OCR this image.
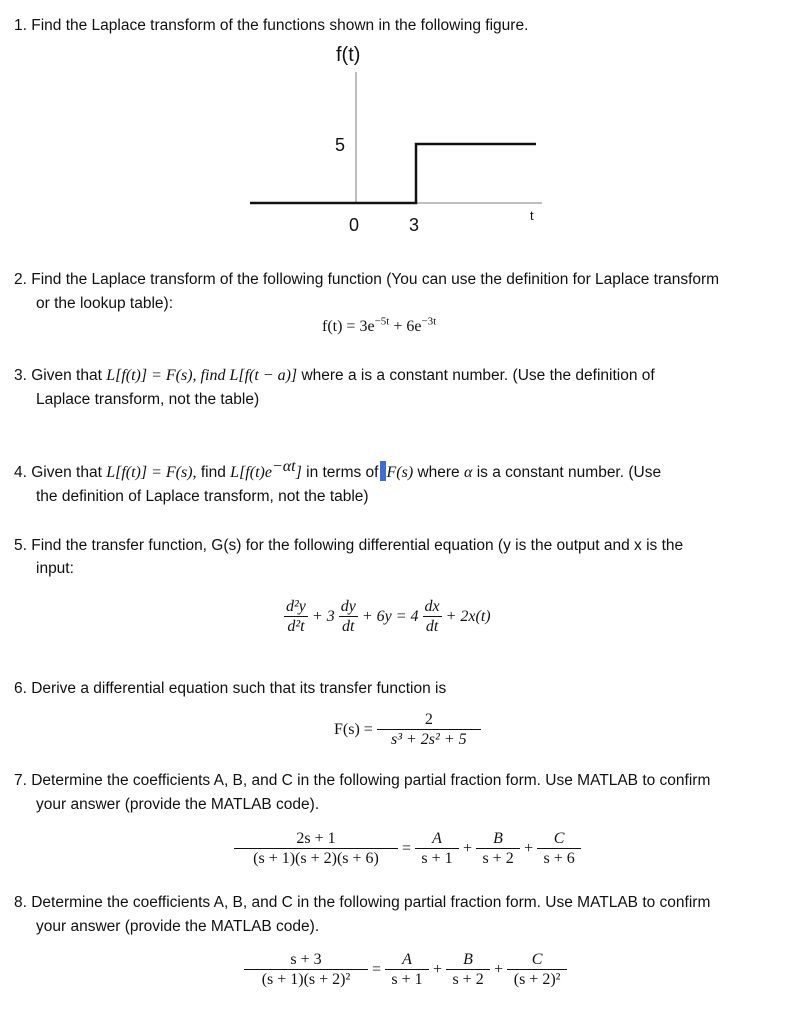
1. Find the Laplace transform of the functions shown in the following figure.
f(t)
5
0	3	t
2. Find the Laplace transform of the following function (You can use the definition for Laplace transform
or the lookup table):
$f(t) = 3e^{-5t} + 6e^{-3t}$
3. Given that L[f(t)] = F(s), find L[f(t − a)] where a is a constant number. (Use the definition of
Laplace transform, not the table)
4. Given that L[f(t)] = F(s), find $L[f(t)e^{-\alpha t}]$ in terms of F(s) where α is a constant number. (Use
the definition of Laplace transform, not the table)
5. Find the transfer function, G(s) for the following differential equation (y is the output and x is the
input:
$\frac{\text{d²y}}{\text{d²t}} + 3 \frac{dy}{dt} + 6y = 4 \frac{dx}{dt} + 2x(t)$
6. Derive a differential equation such that its transfer function is
$F(s) = \frac{2}{\text{s³ + 2s² + 5}}$
7. Determine the coefficients A, B, and C in the following partial fraction form. Use MATLAB to confirm
your answer (provide the MATLAB code).
$\frac{2s + 1}{(s + 1)(s + 2)(s + 6)} = \frac{A}{s + 1} + \frac{B}{s + 2} + \frac{C}{s + 6}$
8. Determine the coefficients A, B, and C in the following partial fraction form. Use MATLAB to confirm
your answer (provide the MATLAB code).
$\frac{s + 3}{\text{(s + 1)(s + 2)²}} = \frac{A}{s + 1} + \frac{B}{s + 2} + \frac{C}{\text{(s + 2)²}}$
